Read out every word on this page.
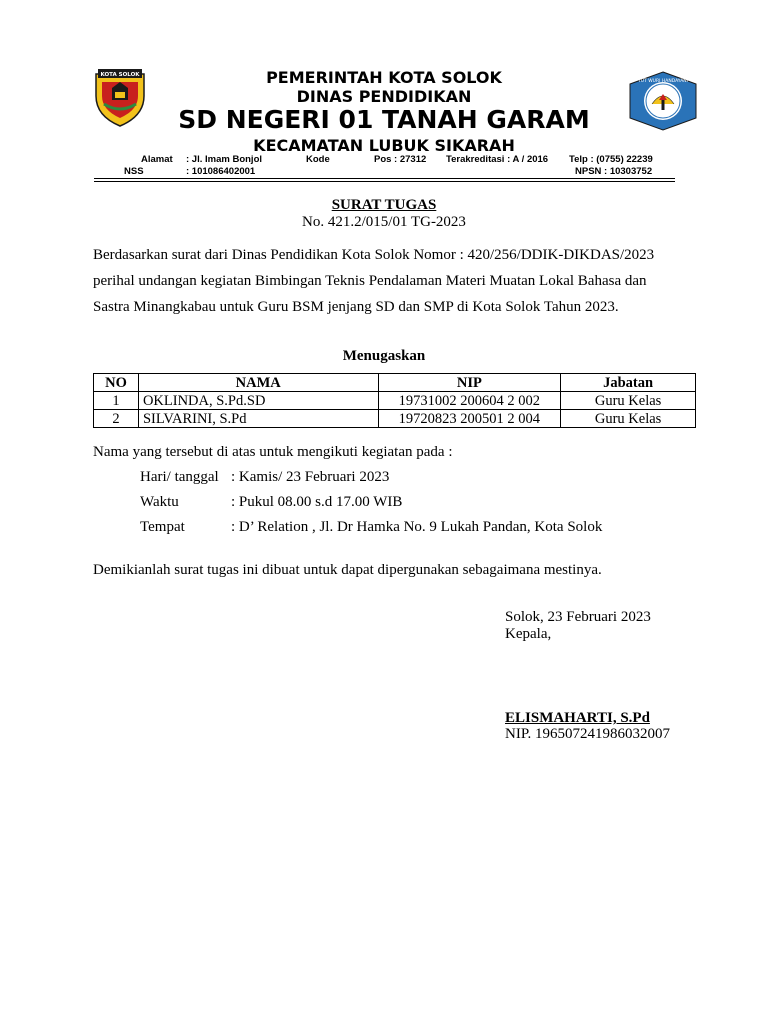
KOTA SOLOK
TUT WURI HANDAYANI
PEMERINTAH KOTA SOLOK
DINAS PENDIDIKAN
SD NEGERI 01 TANAH GARAM
KECAMATAN LUBUK SIKARAH
Alamat : Jl. Imam Bonjol	Kode	Pos : 27312 Terakreditasi : A / 2016 Telp : (0755) 22239
NSS	: 101086402001	NPSN : 10303752
SURAT TUGAS
No. 421.2/015/01 TG-2023
Berdasarkan surat dari Dinas Pendidikan Kota Solok Nomor : 420/256/DDIK-DIKDAS/2023
perihal undangan kegiatan Bimbingan Teknis Pendalaman Materi Muatan Lokal Bahasa dan
Sastra Minangkabau untuk Guru BSM jenjang SD dan SMP di Kota Solok Tahun 2023.
Menugaskan
NO	NAMA	NIP	Jabatan
1	OKLINDA, S.Pd.SD	19731002 200604 2 002	Guru Kelas
2	SILVARINI, S.Pd	19720823 200501 2 004	Guru Kelas
Nama yang tersebut di atas untuk mengikuti kegiatan pada :
Hari/ tanggal : Kamis/ 23 Februari 2023
Waktu	: Pukul 08.00 s.d 17.00 WIB
Tempat	: D’ Relation , Jl. Dr Hamka No. 9 Lukah Pandan, Kota Solok
Demikianlah surat tugas ini dibuat untuk dapat dipergunakan sebagaimana mestinya.
Solok, 23 Februari 2023
Kepala,
ELISMAHARTI, S.Pd
NIP. 196507241986032007
